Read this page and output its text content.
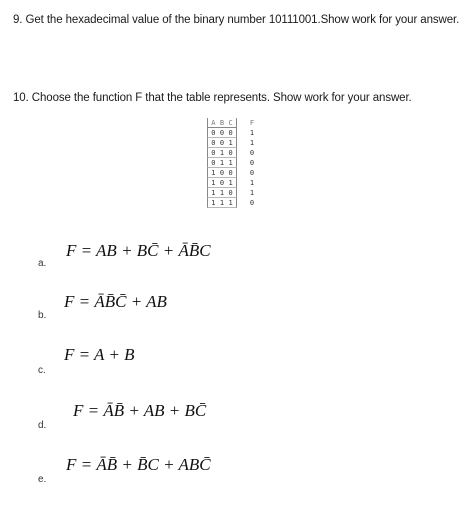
9. Get the hexadecimal value of the binary number 10111001.Show work for your answer.
10. Choose the function F that the table represents. Show work for your answer.
A B C	F
0 0 0	1
0 0 1	1
0 1 0	0
0 1 1	0
1 0 0	0
1 0 1	1
1 1 0	1
1 1 1	0
F = AB + BC̄ + ĀB̄C
a.
F = ĀB̄C̄ + AB
b.
F = A + B
c.
F = ĀB̄ + AB + BC̄
d.
F = ĀB̄ + B̄C + ABC̄
e.
